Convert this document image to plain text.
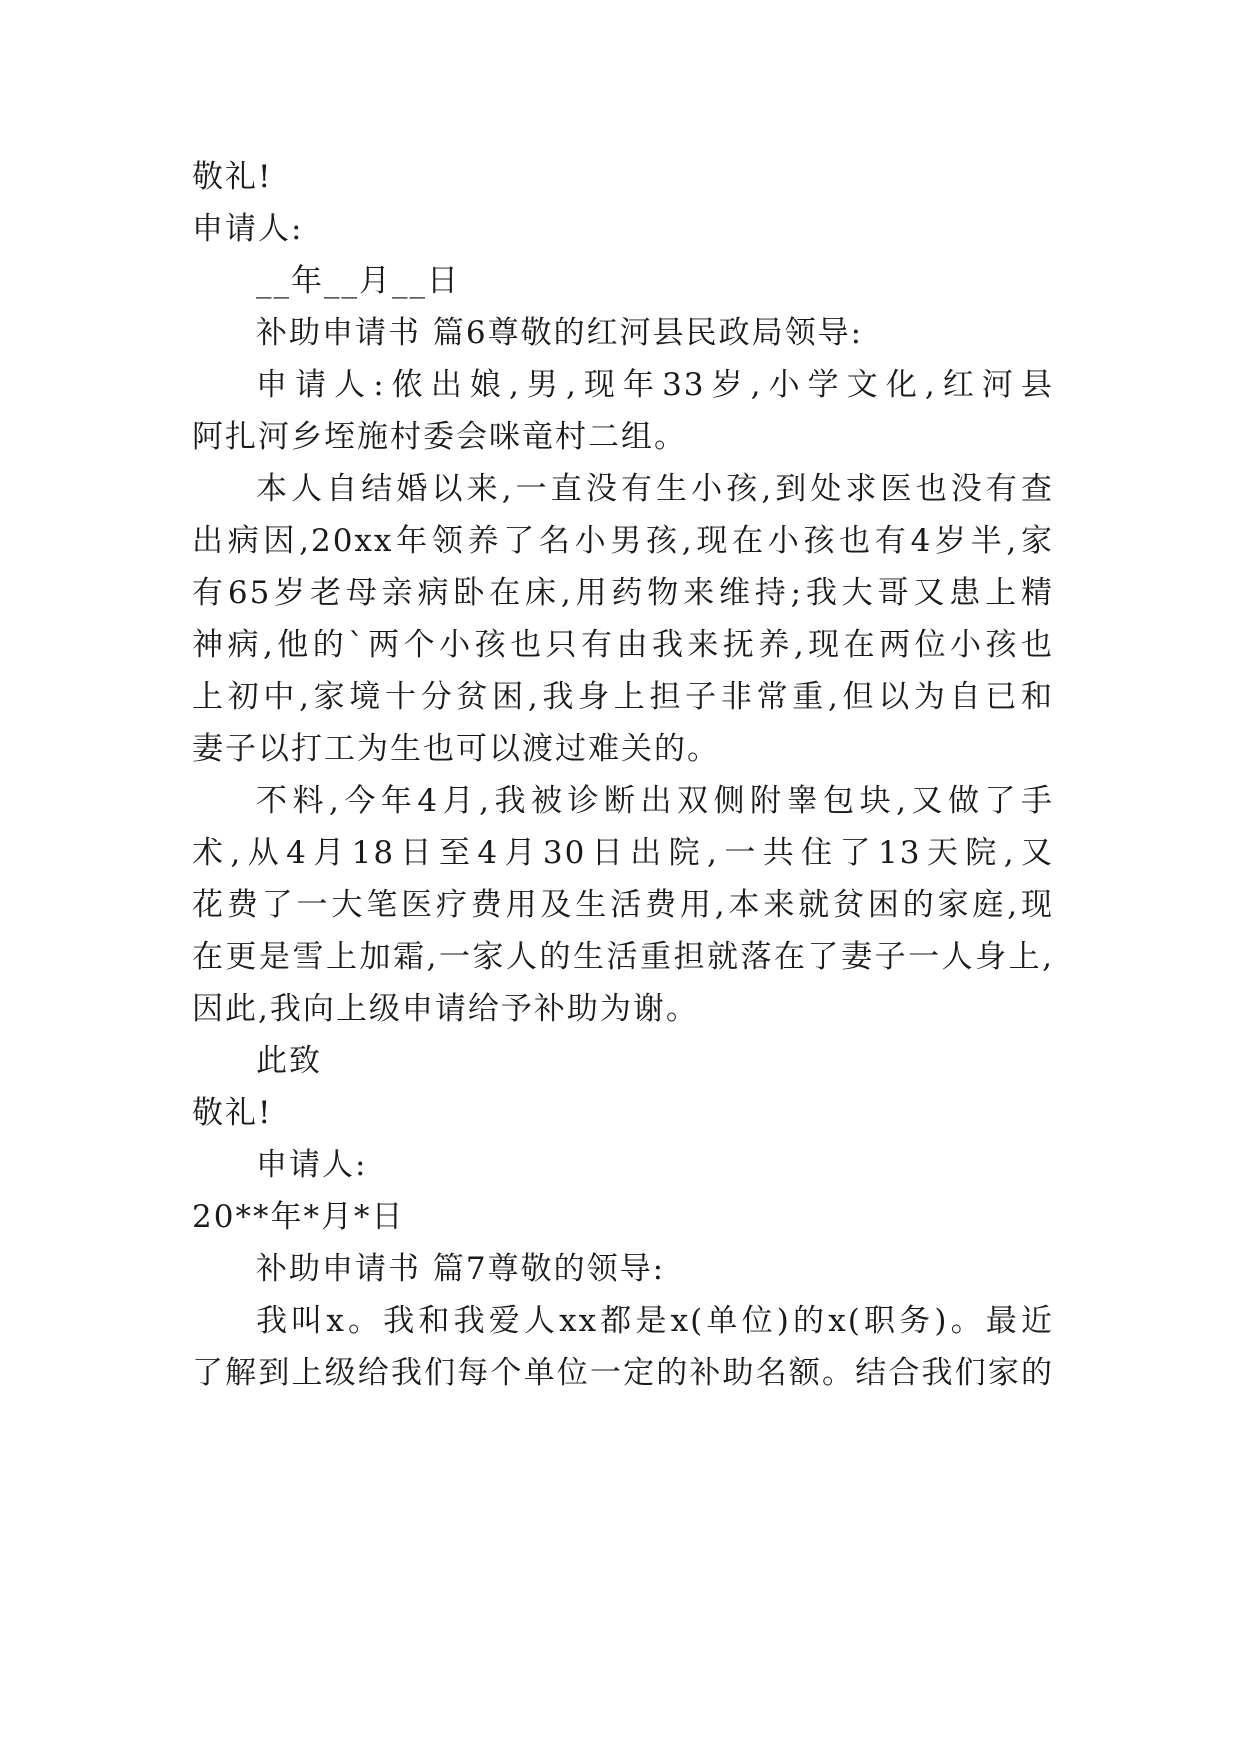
敬礼!
申请人:
__年__月__日
补助申请书 篇6尊敬的红河县民政局领导:
申请人:侬出娘,男,现年33岁,小学文化,红河县
阿扎河乡垤施村委会咪竜村二组。
本人自结婚以来,一直没有生小孩,到处求医也没有查
出病因,20xx年领养了名小男孩,现在小孩也有4岁半,家
有65岁老母亲病卧在床,用药物来维持;我大哥又患上精
神病,他的`两个小孩也只有由我来抚养,现在两位小孩也
上初中,家境十分贫困,我身上担子非常重,但以为自已和
妻子以打工为生也可以渡过难关的。
不料,今年4月,我被诊断出双侧附睾包块,又做了手
术,从4月18日至4月30日出院,一共住了13天院,又
花费了一大笔医疗费用及生活费用,本来就贫困的家庭,现
在更是雪上加霜,一家人的生活重担就落在了妻子一人身上,
因此,我向上级申请给予补助为谢。
此致
敬礼!
申请人:
20**年*月*日
补助申请书 篇7尊敬的领导:
我叫x。我和我爱人xx都是x(单位)的x(职务)。最近
了解到上级给我们每个单位一定的补助名额。结合我们家的
